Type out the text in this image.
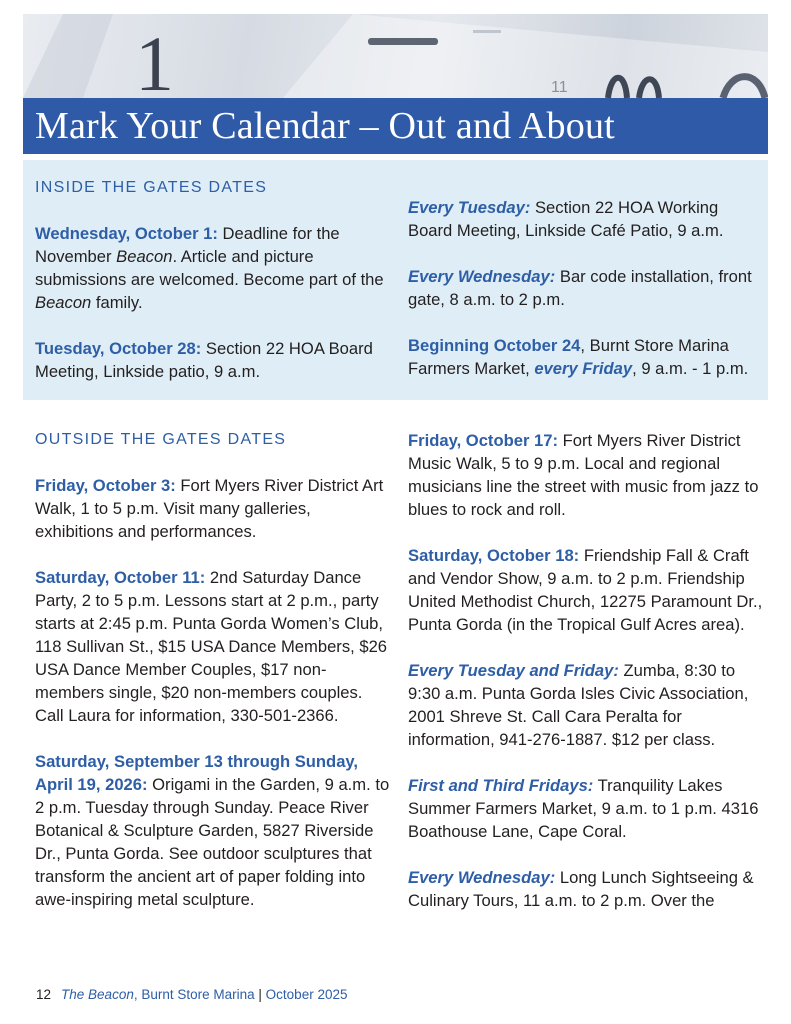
1	11
Mark Your Calendar – Out and About

INSIDE THE GATES DATES

Wednesday, October 1: Deadline for the November Beacon. Article and picture submissions are welcomed. Become part of the Beacon family.

Tuesday, October 28: Section 22 HOA Board Meeting, Linkside patio, 9 a.m.

Every Tuesday: Section 22 HOA Working Board Meeting, Linkside Café Patio, 9 a.m.

Every Wednesday: Bar code installation, front gate, 8 a.m. to 2 p.m.

Beginning October 24, Burnt Store Marina Farmers Market, every Friday, 9 a.m. - 1 p.m.

OUTSIDE THE GATES DATES

Friday, October 3: Fort Myers River District Art Walk, 1 to 5 p.m. Visit many galleries, exhibitions and performances.

Saturday, October 11: 2nd Saturday Dance Party, 2 to 5 p.m. Lessons start at 2 p.m., party starts at 2:45 p.m. Punta Gorda Women’s Club, 118 Sullivan St., $15 USA Dance Members, $26 USA Dance Member Couples, $17 non-members single, $20 non-members couples. Call Laura for information, 330-501-2366.

Saturday, September 13 through Sunday, April 19, 2026: Origami in the Garden, 9 a.m. to 2 p.m. Tuesday through Sunday. Peace River Botanical & Sculpture Garden, 5827 Riverside Dr., Punta Gorda. See outdoor sculptures that transform the ancient art of paper folding into awe-inspiring metal sculpture.

Friday, October 17: Fort Myers River District Music Walk, 5 to 9 p.m. Local and regional musicians line the street with music from jazz to blues to rock and roll.

Saturday, October 18: Friendship Fall & Craft and Vendor Show, 9 a.m. to 2 p.m. Friendship United Methodist Church, 12275 Paramount Dr., Punta Gorda (in the Tropical Gulf Acres area).

Every Tuesday and Friday: Zumba, 8:30 to 9:30 a.m. Punta Gorda Isles Civic Association, 2001 Shreve St. Call Cara Peralta for information, 941-276-1887. $12 per class.

First and Third Fridays: Tranquility Lakes Summer Farmers Market, 9 a.m. to 1 p.m. 4316 Boathouse Lane, Cape Coral.

Every Wednesday: Long Lunch Sightseeing & Culinary Tours, 11 a.m. to 2 p.m. Over the

12 The Beacon, Burnt Store Marina | October 2025
